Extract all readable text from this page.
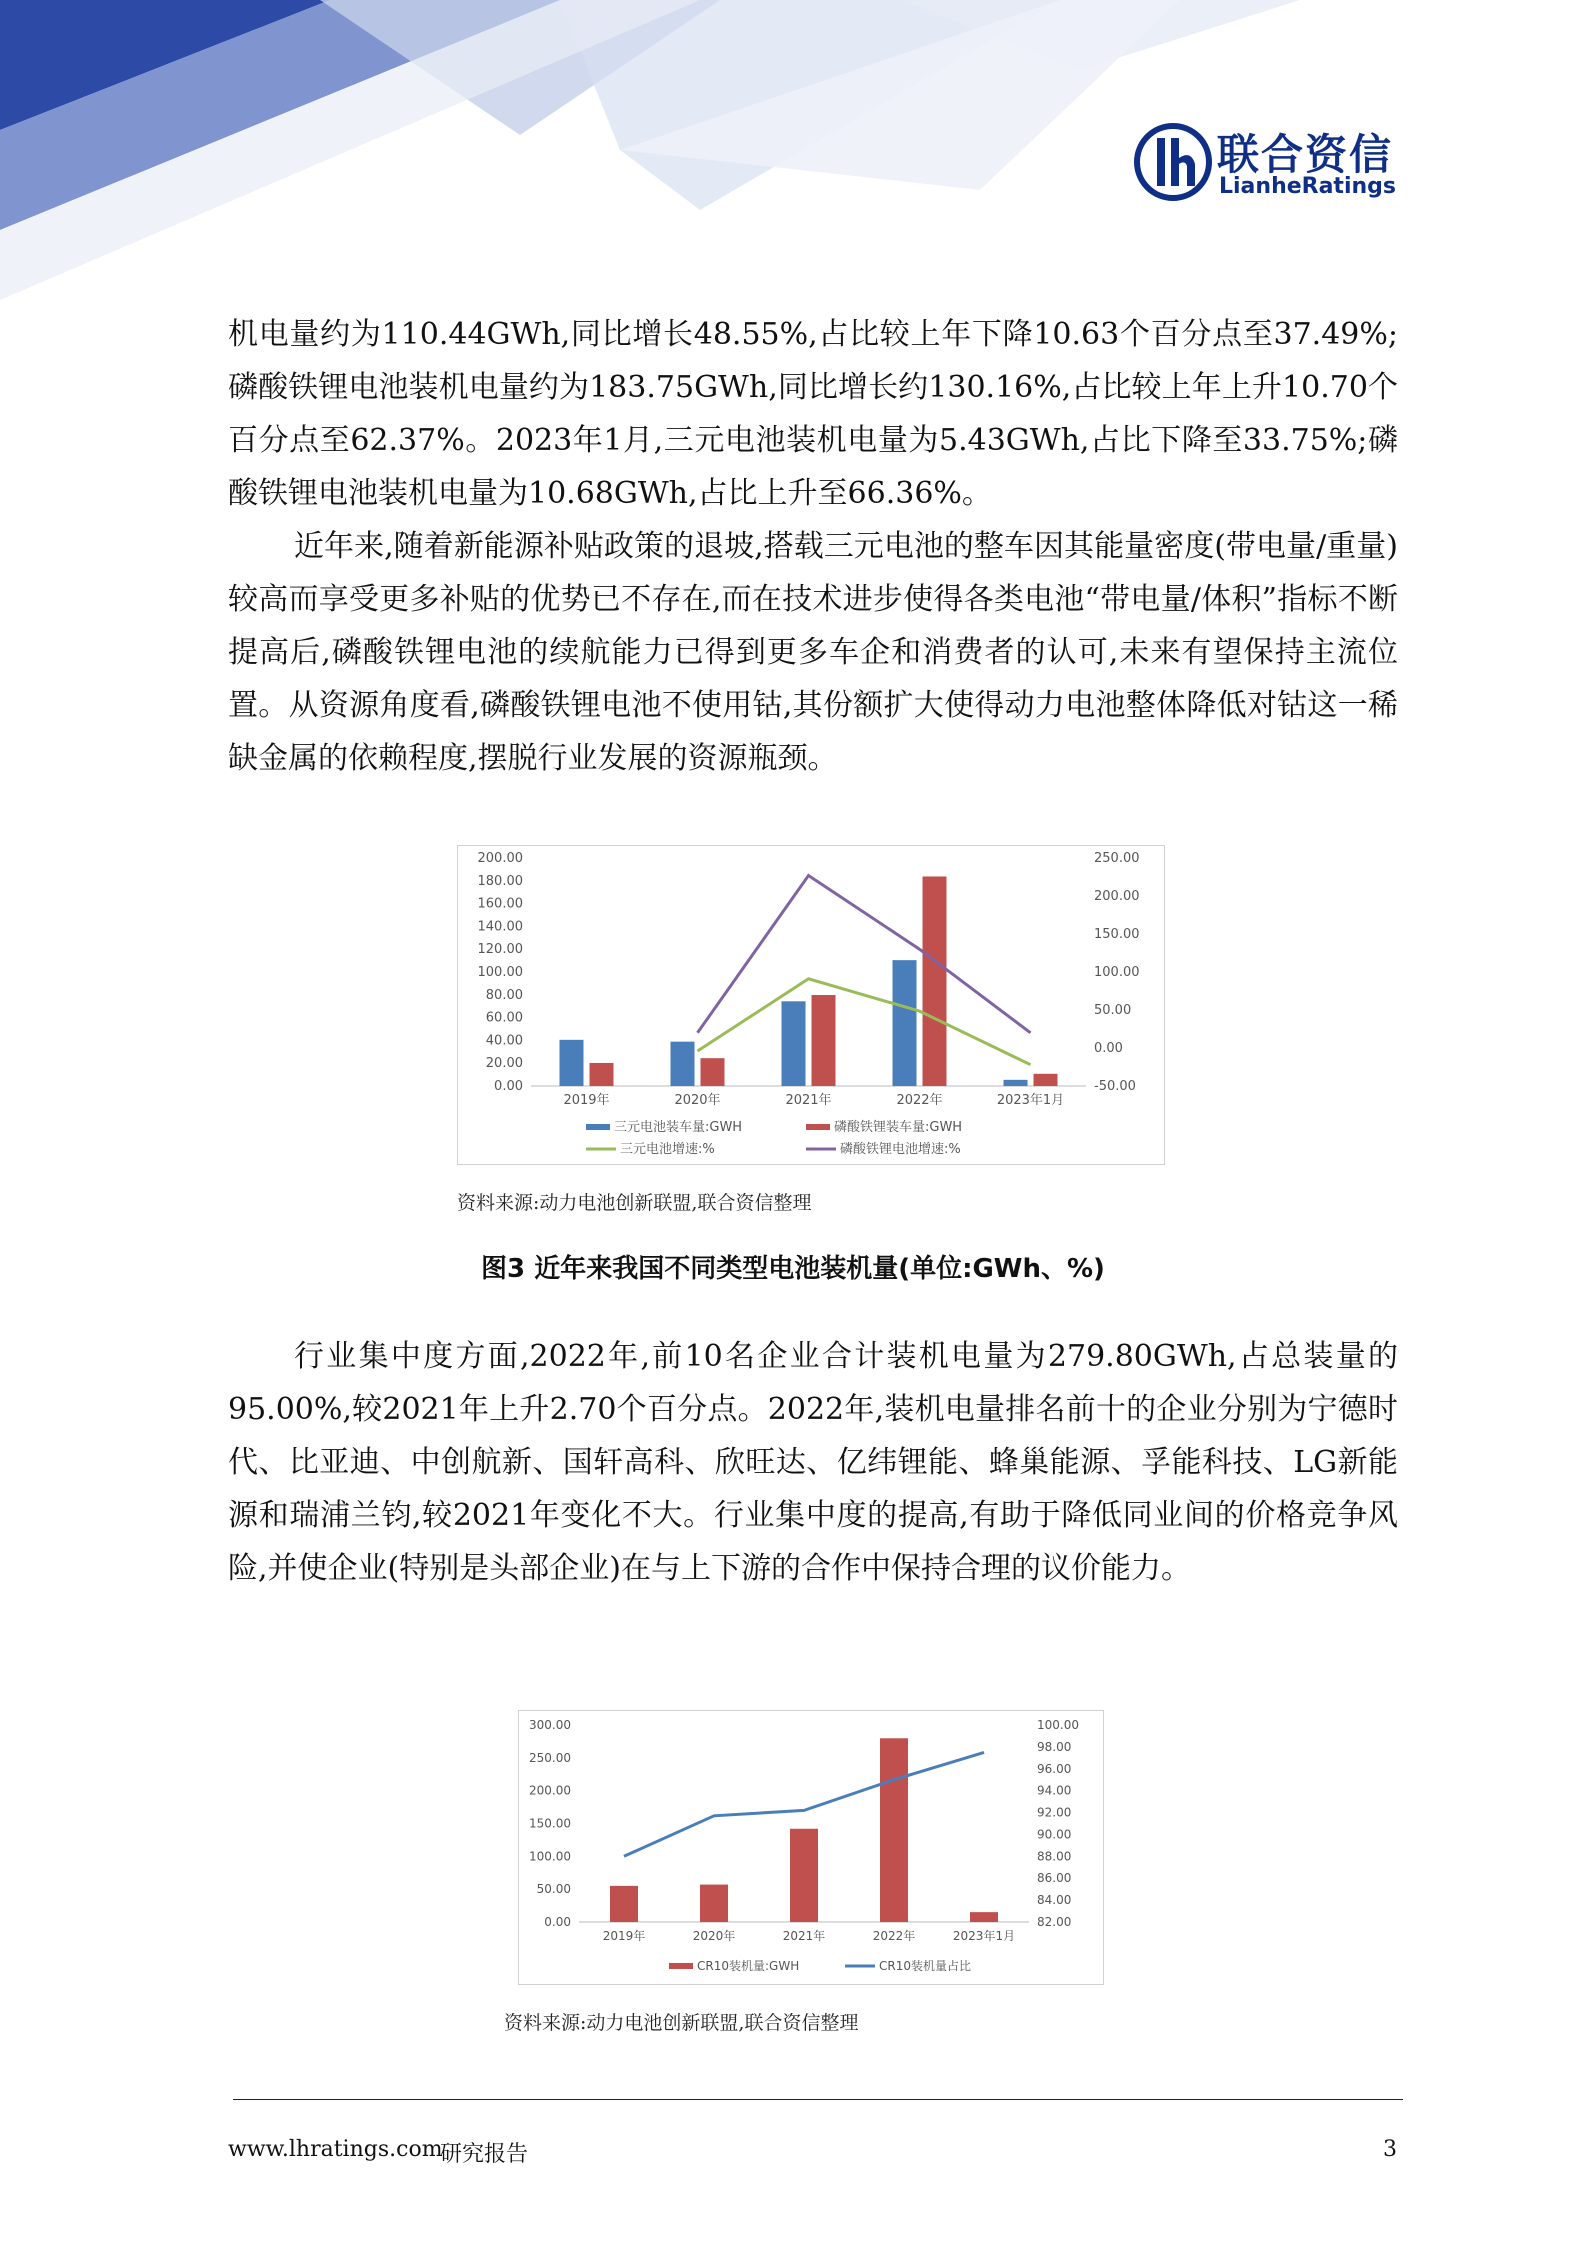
联合资信
LianheRatings

机电量约为110.44GWh,同比增长48.55%,占比较上年下降10.63个百分点至37.49%;磷酸铁锂电池装机电量约为183.75GWh,同比增长约130.16%,占比较上年上升10.70个百分点至62.37%。2023年1月,三元电池装机电量为5.43GWh,占比下降至33.75%;磷酸铁锂电池装机电量为10.68GWh,占比上升至66.36%。

近年来,随着新能源补贴政策的退坡,搭载三元电池的整车因其能量密度(带电量/重量)较高而享受更多补贴的优势已不存在,而在技术进步使得各类电池“带电量/体积”指标不断提高后,磷酸铁锂电池的续航能力已得到更多车企和消费者的认可,未来有望保持主流位置。从资源角度看,磷酸铁锂电池不使用钴,其份额扩大使得动力电池整体降低对钴这一稀缺金属的依赖程度,摆脱行业发展的资源瓶颈。

200.00
180.00
160.00
140.00
120.00
100.00
80.00
60.00
40.00
20.00
0.00
250.00
200.00
150.00
100.00
50.00
0.00
-50.00
2019年	2020年	2021年	2022年	2023年1月
三元电池装车量:GWH	磷酸铁锂装车量:GWH
三元电池增速:%	磷酸铁锂电池增速:%
资料来源:动力电池创新联盟,联合资信整理
图3 近年来我国不同类型电池装机量(单位:GWh、%)

行业集中度方面,2022年,前10名企业合计装机电量为279.80GWh,占总装量的95.00%,较2021年上升2.70个百分点。2022年,装机电量排名前十的企业分别为宁德时代、比亚迪、中创航新、国轩高科、欣旺达、亿纬锂能、蜂巢能源、孚能科技、LG新能源和瑞浦兰钧,较2021年变化不大。行业集中度的提高,有助于降低同业间的价格竞争风险,并使企业(特别是头部企业)在与上下游的合作中保持合理的议价能力。

300.00
250.00
200.00
150.00
100.00
50.00
0.00
100.00
98.00
96.00
94.00
92.00
90.00
88.00
86.00
84.00
82.00
2019年	2020年	2021年	2022年	2023年1月
CR10装机量:GWH	CR10装机量占比
资料来源:动力电池创新联盟,联合资信整理
www.lhratings.com
研究报告	3
